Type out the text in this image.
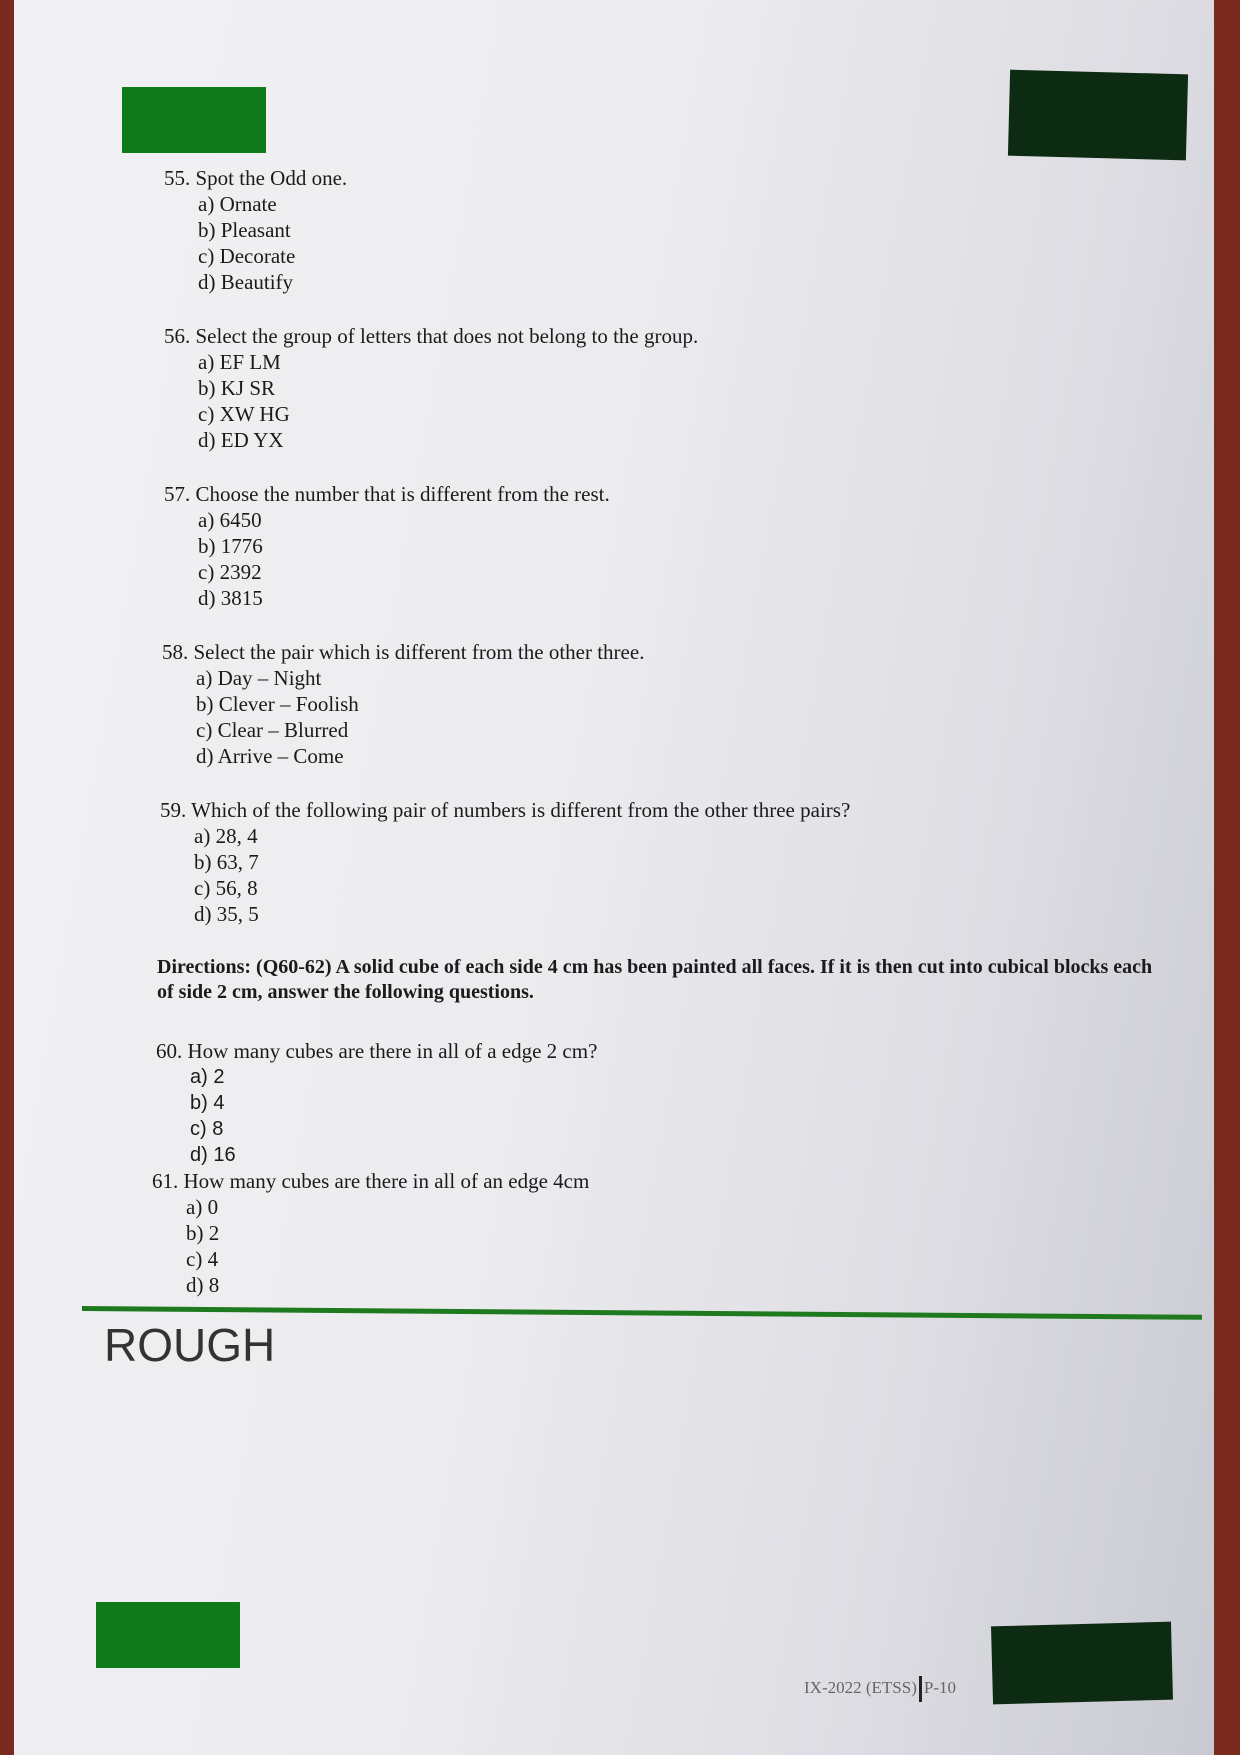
55. Spot the Odd one.
a) Ornate
b) Pleasant
c) Decorate
d) Beautify
56. Select the group of letters that does not belong to the group.
a) EF LM
b) KJ SR
c) XW HG
d) ED YX
57. Choose the number that is different from the rest.
a) 6450
b) 1776
c) 2392
d) 3815
58. Select the pair which is different from the other three.
a) Day – Night
b) Clever – Foolish
c) Clear – Blurred
d) Arrive – Come
59. Which of the following pair of numbers is different from the other three pairs?
a) 28, 4
b) 63, 7
c) 56, 8
d) 35, 5
Directions: (Q60-62) A solid cube of each side 4 cm has been painted all faces. If it is then cut into cubical blocks each of side 2 cm, answer the following questions.
60. How many cubes are there in all of a edge 2 cm?
a) 2
b) 4
c) 8
d) 16
61. How many cubes are there in all of an edge 4cm
a) 0
b) 2
c) 4
d) 8
ROUGH
IX-2022 (ETSS) P-10
